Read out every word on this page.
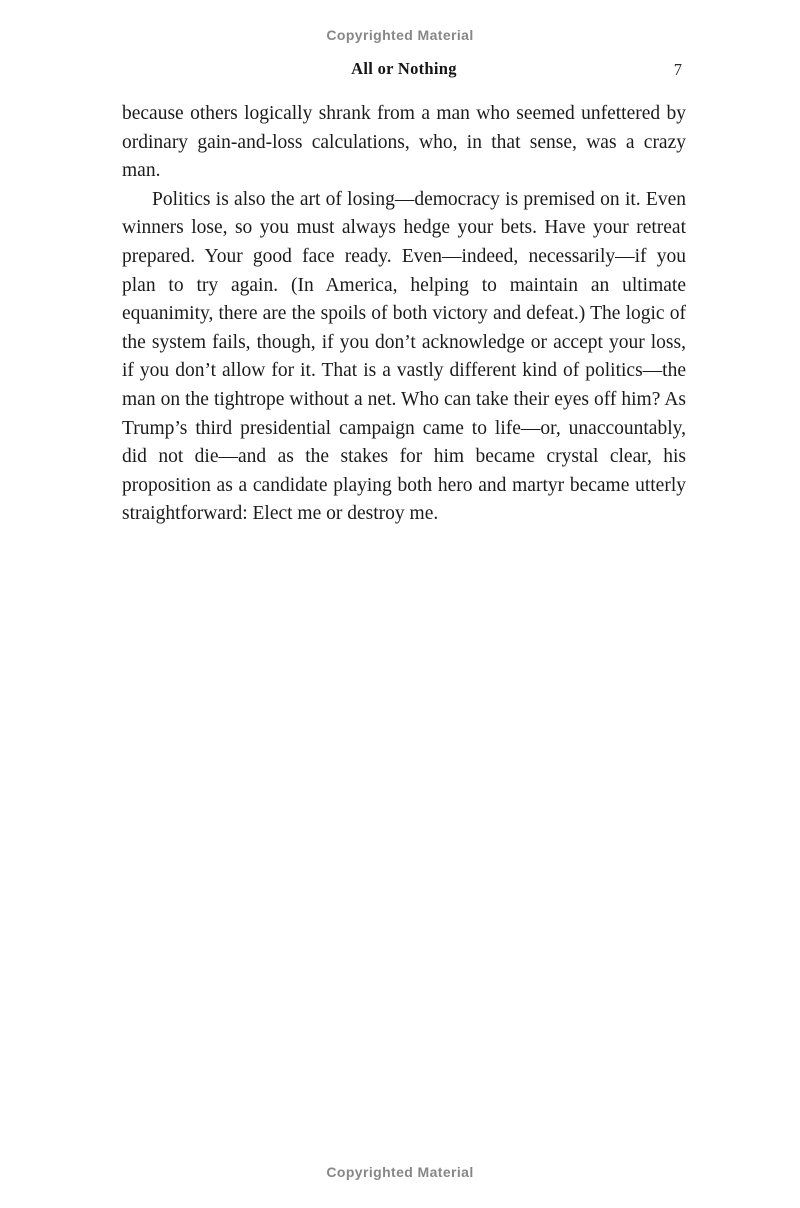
Copyrighted Material
All or Nothing	7

because others logically shrank from a man who seemed unfettered by ordinary gain-and-loss calculations, who, in that sense, was a crazy man.

Politics is also the art of losing—democracy is premised on it. Even winners lose, so you must always hedge your bets. Have your retreat prepared. Your good face ready. Even—indeed, necessarily—if you plan to try again. (In America, helping to maintain an ultimate equanimity, there are the spoils of both victory and defeat.) The logic of the system fails, though, if you don’t acknowledge or accept your loss, if you don’t allow for it. That is a vastly different kind of politics—the man on the tightrope without a net. Who can take their eyes off him? As Trump’s third presidential campaign came to life—or, unaccountably, did not die—and as the stakes for him became crystal clear, his proposition as a candidate playing both hero and martyr became utterly straightforward: Elect me or destroy me.

Copyrighted Material
